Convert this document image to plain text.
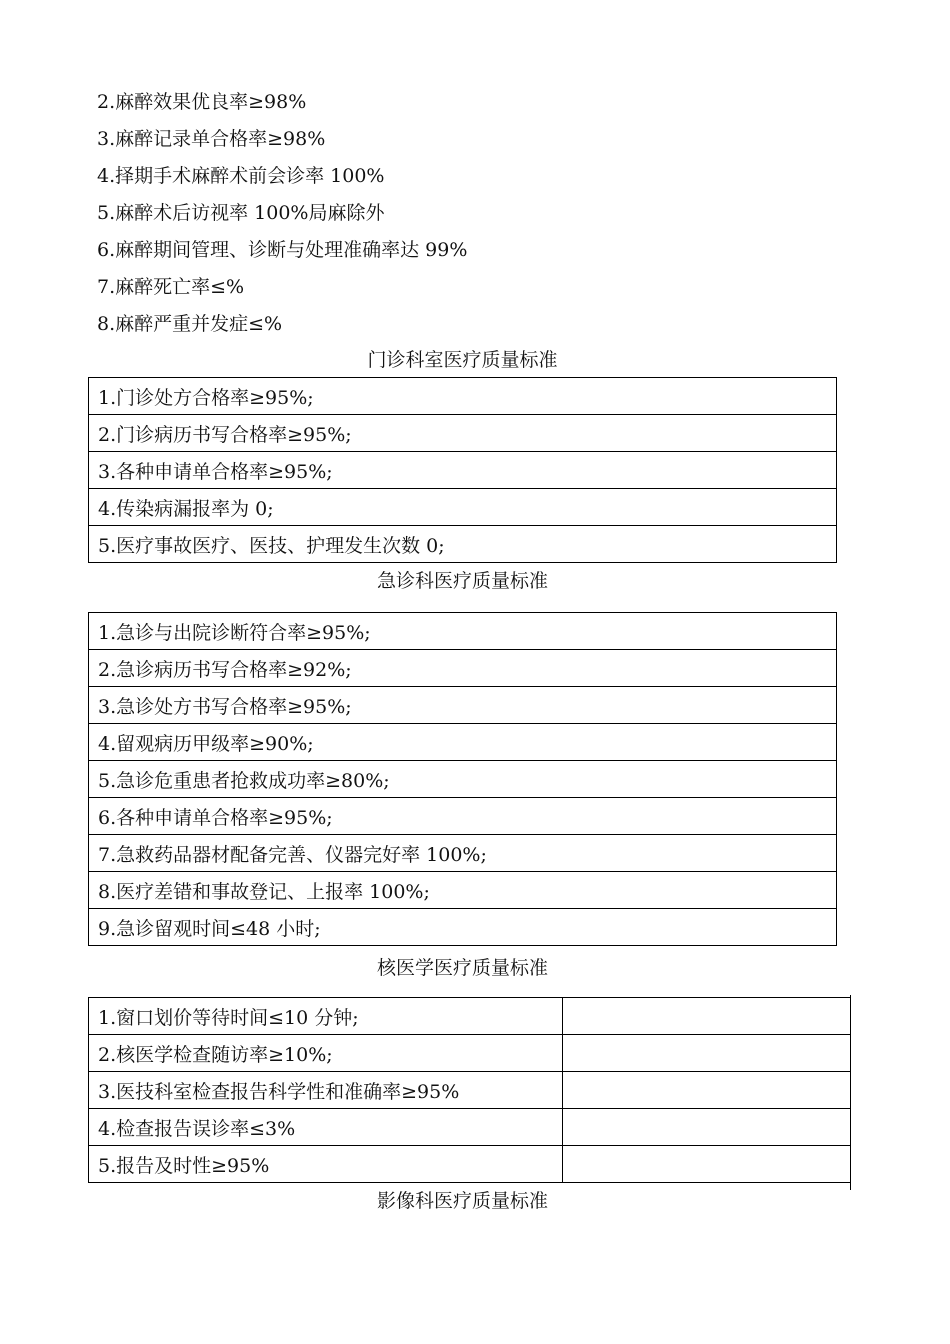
2.麻醉效果优良率≥98%
3.麻醉记录单合格率≥98%
4.择期手术麻醉术前会诊率 100%
5.麻醉术后访视率 100%局麻除外
6.麻醉期间管理、诊断与处理准确率达 99%
7.麻醉死亡率≤%
8.麻醉严重并发症≤%
门诊科室医疗质量标准
1.门诊处方合格率≥95%;
2.门诊病历书写合格率≥95%;
3.各种申请单合格率≥95%;
4.传染病漏报率为 0;
5.医疗事故医疗、医技、护理发生次数 0;
急诊科医疗质量标准
1.急诊与出院诊断符合率≥95%;
2.急诊病历书写合格率≥92%;
3.急诊处方书写合格率≥95%;
4.留观病历甲级率≥90%;
5.急诊危重患者抢救成功率≥80%;
6.各种申请单合格率≥95%;
7.急救药品器材配备完善、仪器完好率 100%;
8.医疗差错和事故登记、上报率 100%;
9.急诊留观时间≤48 小时;
核医学医疗质量标准
1.窗口划价等待时间≤10 分钟;	
2.核医学检查随访率≥10%;	
3.医技科室检查报告科学性和准确率≥95%	
4.检查报告误诊率≤3%	
5.报告及时性≥95%	
影像科医疗质量标准
